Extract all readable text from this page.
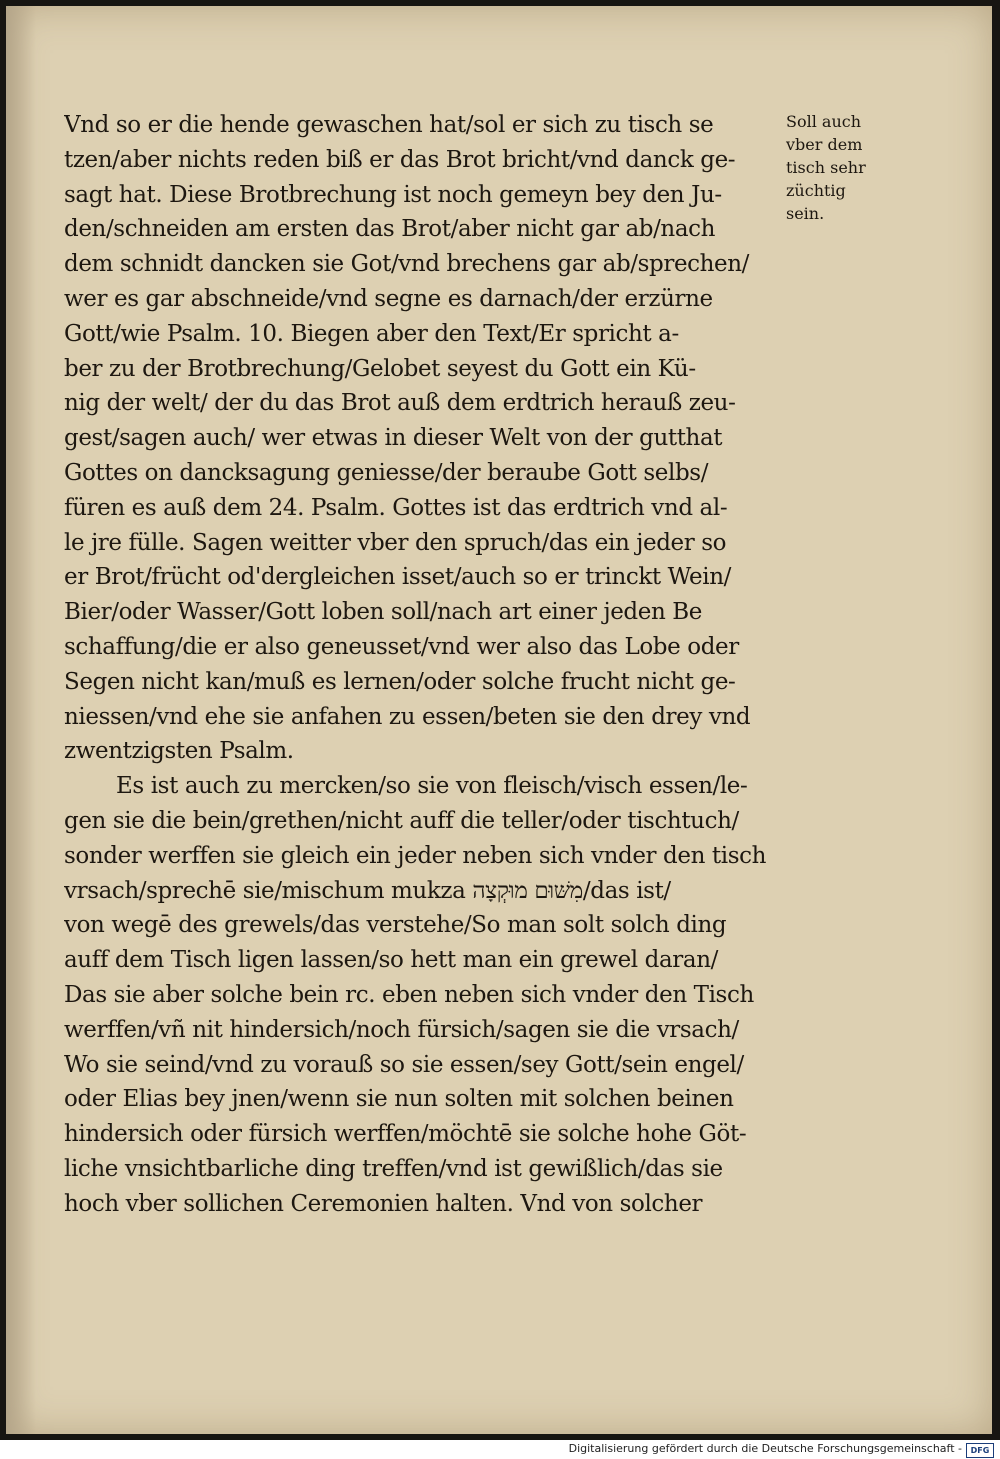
Vnd so er die hende gewaschen hat/sol er sich zu tisch se
tzen/aber nichts reden biß er das Brot bricht/vnd danck ge-
sagt hat. Diese Brotbrechung ist noch gemeyn bey den Ju-
den/schneiden am ersten das Brot/aber nicht gar ab/nach
dem schnidt dancken sie Got/vnd brechens gar ab/sprechen/
wer es gar abschneide/vnd segne es darnach/der erzürne
Gott/wie Psalm. 10. Biegen aber den Text/Er spricht a-
ber zu der Brotbrechung/Gelobet seyest du Gott ein Kü-
nig der welt/ der du das Brot auß dem erdtrich herauß zeu-
gest/sagen auch/ wer etwas in dieser Welt von der gutthat
Gottes on dancksagung geniesse/der beraube Gott selbs/
füren es auß dem 24. Psalm. Gottes ist das erdtrich vnd al-
le jre fülle. Sagen weitter vber den spruch/das ein jeder so
er Brot/frücht od'dergleichen isset/auch so er trinckt Wein/
Bier/oder Wasser/Gott loben soll/nach art einer jeden Be
schaffung/die er also geneusset/vnd wer also das Lobe oder
Segen nicht kan/muß es lernen/oder solche frucht nicht ge-
niessen/vnd ehe sie anfahen zu essen/beten sie den drey vnd
zwentzigsten Psalm.
Es ist auch zu mercken/so sie von fleisch/visch essen/le-
gen sie die bein/grethen/nicht auff die teller/oder tischtuch/
sonder werffen sie gleich ein jeder neben sich vnder den tisch
vrsach/sprechē sie/mischum mukza מִשּׁוּם מוּקְצָה/das ist/
von wegē des grewels/das verstehe/So man solt solch ding
auff dem Tisch ligen lassen/so hett man ein grewel daran/
Das sie aber solche bein rc. eben neben sich vnder den Tisch
werffen/vñ nit hindersich/noch fürsich/sagen sie die vrsach/
Wo sie seind/vnd zu vorauß so sie essen/sey Gott/sein engel/
oder Elias bey jnen/wenn sie nun solten mit solchen beinen
hindersich oder fürsich werffen/möchtē sie solche hohe Göt-
liche vnsichtbarliche ding treffen/vnd ist gewißlich/das sie
hoch vber sollichen Ceremonien halten. Vnd von solcher
Soll auch
vber dem
tisch sehr
züchtig
sein.
Digitalisierung gefördert durch die Deutsche Forschungsgemeinschaft -	DFG
